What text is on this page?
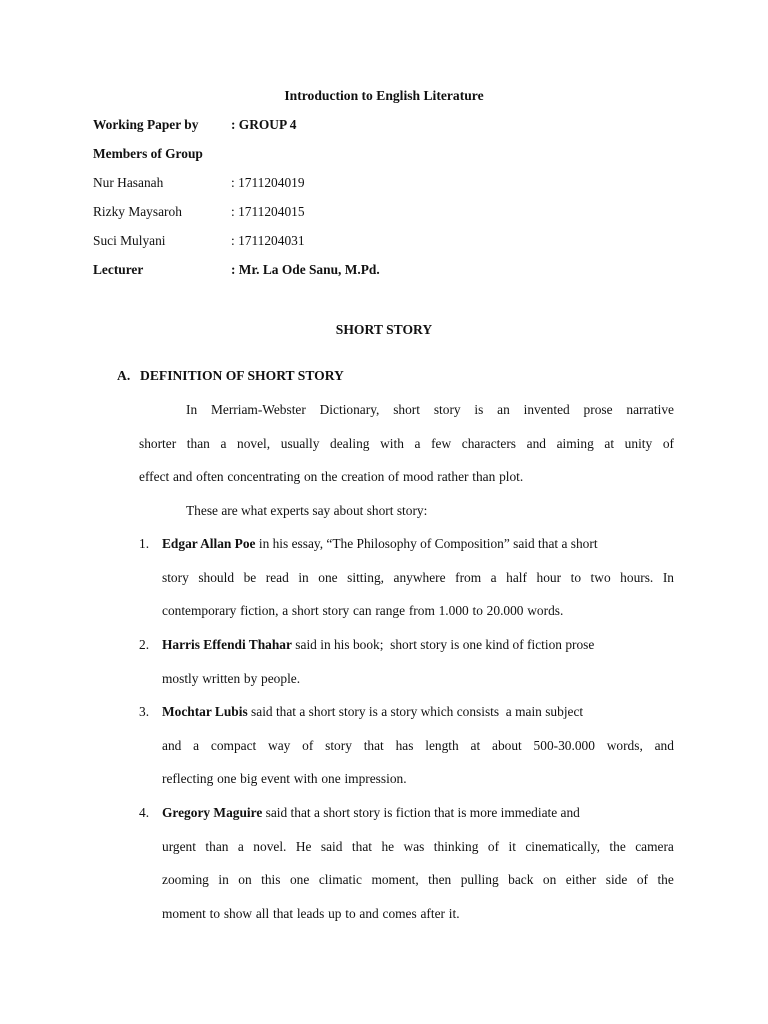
Introduction to English Literature
Working Paper by : GROUP 4
Members of Group
Nur Hasanah	: 1711204019
Rizky Maysaroh	: 1711204015
Suci Mulyani	: 1711204031
Lecturer	: Mr. La Ode Sanu, M.Pd.
SHORT STORY
A. DEFINITION OF SHORT STORY
In Merriam-Webster Dictionary, short story is an invented prose narrative
shorter than a novel, usually dealing with a few characters and aiming at unity of
effect and often concentrating on the creation of mood rather than plot.
These are what experts say about short story:
1. Edgar Allan Poe in his essay, “The Philosophy of Composition” said that a short
story should be read in one sitting, anywhere from a half hour to two hours. In
contemporary fiction, a short story can range from 1.000 to 20.000 words.
2. Harris Effendi Thahar said in his book;  short story is one kind of fiction prose
mostly written by people.
3. Mochtar Lubis said that a short story is a story which consists  a main subject
and a compact way of story that has length at about 500-30.000 words, and
reflecting one big event with one impression.
4. Gregory Maguire said that a short story is fiction that is more immediate and
urgent than a novel. He said that he was thinking of it cinematically, the camera
zooming in on this one climatic moment, then pulling back on either side of the
moment to show all that leads up to and comes after it.
